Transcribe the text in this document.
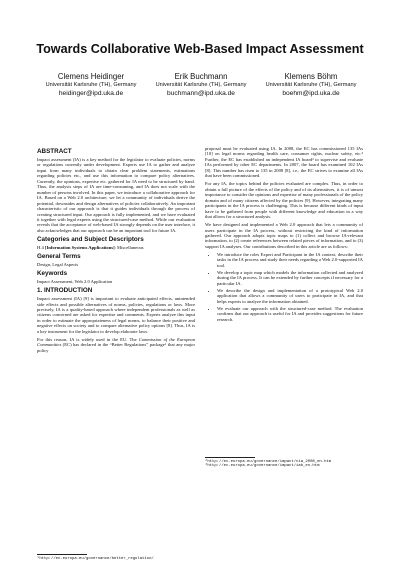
Towards Collaborative Web-Based Impact Assessment
Clemens Heidinger
Universität Karlsruhe (TH), Germany
heidinger@ipd.uka.de
Erik Buchmann
Universität Karlsruhe (TH), Germany
buchmann@ipd.uka.de
Klemens Böhm
Universität Karlsruhe (TH), Germany
boehm@ipd.uka.de
ABSTRACT

Impact assessment (IA) is a key method for the legislator to evaluate policies, norms or regulations currently under development. Experts use IA to gather and analyze input from many individuals to obtain clear problem statements, estimations regarding policies etc., and use this information to compare policy alternatives. Currently, the opinions, expertise etc. gathered for IA need to be structured by hand. Thus, the analysis steps of IA are time-consuming, and IA does not scale with the number of persons involved. In this paper, we introduce a collaborative approach for IA. Based on a Web 2.0 architecture, we let a community of individuals derive the potential, downsides and design alternatives of policies collaboratively. An important characteristic of our approach is that it guides individuals through the process of creating structured input. Our approach is fully implemented, and we have evaluated it together with legal experts using the structured-case method. While our evaluation reveals that the acceptance of web-based IA strongly depends on the user interface, it also acknowledges that our approach can be an important tool for future IA.

Categories and Subject Descriptors

H.4 [Information Systems Applications]: Miscellaneous

General Terms

Design, Legal Aspects

Keywords

Impact Assessment, Web 2.0 Application

1. INTRODUCTION

Impact assessment (IA) [9] is important to evaluate anticipated effects, unintended side effects and possible alternatives of norms, policies, regulations or laws. More precisely, IA is a quality-based approach where independent professionals as well as citizens concerned are asked for expertise and comments. Experts analyze this input in order to estimate the appropriateness of legal norms, to balance their positive and negative effects on society and to compare alternative policy options [8]. Thus, IA is a key instrument for the legislator to develop elaborate laws.

For this reason, IA is widely used in the EU. The Commission of the European Communities (EC) has declared in the “Better Regulations” package$^1$ that any major policy

¹http://ec.europa.eu/governance/better_regulation/

proposal must be evaluated using IA. In 2008, the EC has commissioned 135 IAs [10] on legal norms regarding health care, consumer rights, nuclear safety, etc.² Further, the EC has established an independent IA board³ to supervise and evaluate IAs performed by other EC departments. In 2007, the board has examined 102 IAs [8]. This number has risen to 135 in 2008 [8], i.e., the EC strives to examine all IAs that have been commissioned.

For any IA, the topics behind the policies evaluated are complex. Thus, in order to obtain a full picture of the effects of the policy and of its alternatives, it is of utmost importance to consider the opinions and expertise of many professionals of the policy domain and of many citizens affected by the policies [9]. However, integrating many participants in the IA process is challenging. This is because different kinds of input have to be gathered from people with different knowledge and education in a way that allows for a structured analysis.

We have designed and implemented a Web 2.0 approach that lets a community of users participate in the IA process, without restricting the kind of information gathered. Our approach adopts topic maps to (1) collect and browse IA-relevant information, to (2) create references between related pieces of information, and to (3) support IA analyses. Our contributions described in this article are as follows:

• We introduce the roles Expert and Participant in the IA context, describe their tasks in the IA process and study their needs regarding a Web 2.0-supported IA tool.
• We develop a topic map which models the information collected and analyzed during the IA process. It can be extended by further concepts if necessary for a particular IA.
• We describe the design and implementation of a prototypical Web 2.0 application that allows a community of users to participate in IA, and that helps experts to analyze the information obtained.
• We evaluate our approach with the structured-case method. The evaluation confirms that our approach is useful for IA and provides suggestions for future research.
²http://ec.europa.eu/governance/impact/cia_2008_en.htm
³http://ec.europa.eu/governance/impact/iab_en.htm
